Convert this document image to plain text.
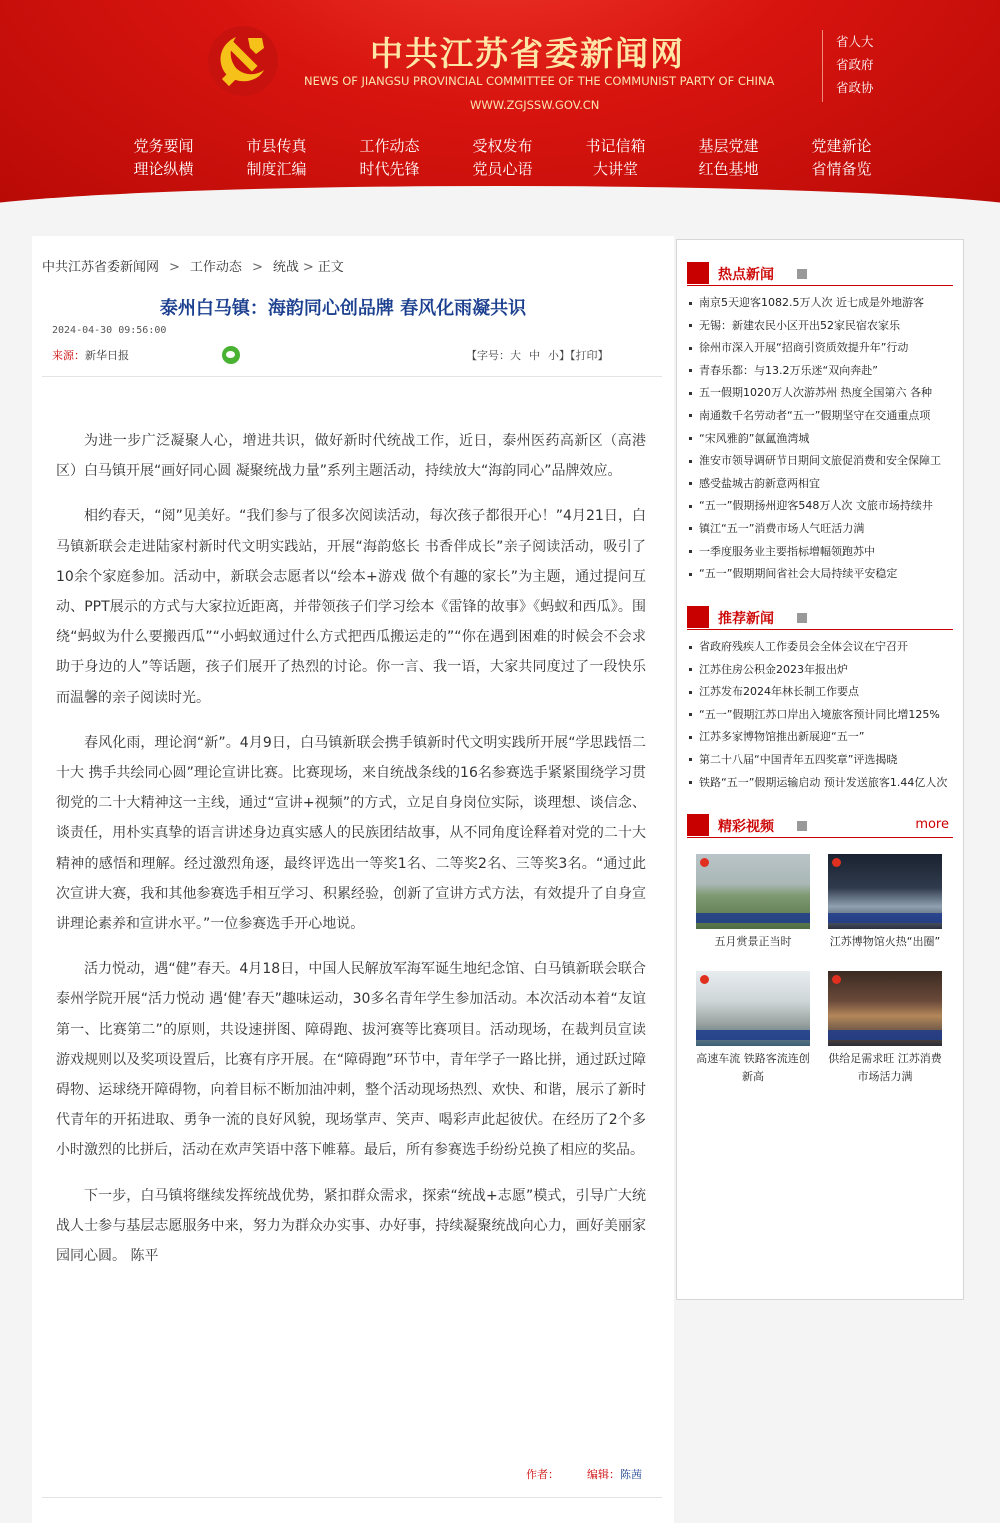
中共江苏省委新闻网
NEWS OF JIANGSU PROVINCIAL COMMITTEE OF THE COMMUNIST PARTY OF CHINA
WWW.ZGJSSW.GOV.CN
省人大
省政府
省政协
党务要闻
理论纵横
市县传真
制度汇编
工作动态
时代先锋
受权发布
党员心语
书记信箱
大讲堂
基层党建
红色基地
党建新论
省情备览
中共江苏省委新闻网 > 工作动态 > 统战 > 正文
泰州白马镇：海韵同心创品牌 春风化雨凝共识
2024-04-30 09:56:00
来源：新华日报	【字号：大 中 小】【打印】

为进一步广泛凝聚人心，增进共识，做好新时代统战工作，近日，泰州医药高新区（高港区）白马镇开展“画好同心圆 凝聚统战力量”系列主题活动，持续放大“海韵同心”品牌效应。

相约春天，“阅”见美好。“我们参与了很多次阅读活动，每次孩子都很开心！”4月21日，白马镇新联会走进陆家村新时代文明实践站，开展“海韵悠长 书香伴成长”亲子阅读活动，吸引了10余个家庭参加。活动中，新联会志愿者以“绘本+游戏 做个有趣的家长”为主题，通过提问互动、PPT展示的方式与大家拉近距离，并带领孩子们学习绘本《雷锋的故事》《蚂蚁和西瓜》。围绕“蚂蚁为什么要搬西瓜”“小蚂蚁通过什么方式把西瓜搬运走的”“你在遇到困难的时候会不会求助于身边的人”等话题，孩子们展开了热烈的讨论。你一言、我一语，大家共同度过了一段快乐而温馨的亲子阅读时光。

春风化雨，理论润“新”。4月9日，白马镇新联会携手镇新时代文明实践所开展“学思践悟二十大 携手共绘同心圆”理论宣讲比赛。比赛现场，来自统战条线的16名参赛选手紧紧围绕学习贯彻党的二十大精神这一主线，通过“宣讲+视频”的方式，立足自身岗位实际，谈理想、谈信念、谈责任，用朴实真挚的语言讲述身边真实感人的民族团结故事，从不同角度诠释着对党的二十大精神的感悟和理解。经过激烈角逐，最终评选出一等奖1名、二等奖2名、三等奖3名。“通过此次宣讲大赛，我和其他参赛选手相互学习、积累经验，创新了宣讲方式方法，有效提升了自身宣讲理论素养和宣讲水平。”一位参赛选手开心地说。

活力悦动，遇“健”春天。4月18日，中国人民解放军海军诞生地纪念馆、白马镇新联会联合泰州学院开展“活力悦动 遇‘健’春天”趣味运动，30多名青年学生参加活动。本次活动本着“友谊第一、比赛第二”的原则，共设速拼图、障碍跑、拔河赛等比赛项目。活动现场，在裁判员宣读游戏规则以及奖项设置后，比赛有序开展。在“障碍跑”环节中，青年学子一路比拼，通过跃过障碍物、运球绕开障碍物，向着目标不断加油冲刺，整个活动现场热烈、欢快、和谐，展示了新时代青年的开拓进取、勇争一流的良好风貌，现场掌声、笑声、喝彩声此起彼伏。在经历了2个多小时激烈的比拼后，活动在欢声笑语中落下帷幕。最后，所有参赛选手纷纷兑换了相应的奖品。

下一步，白马镇将继续发挥统战优势，紧扣群众需求，探索“统战+志愿”模式，引导广大统战人士参与基层志愿服务中来，努力为群众办实事、办好事，持续凝聚统战向心力，画好美丽家园同心圆。 陈平

作者：	编辑：陈茜
热点新闻
南京5天迎客1082.5万人次 近七成是外地游客
无锡：新建农民小区开出52家民宿农家乐
徐州市深入开展“招商引资质效提升年”行动
青春乐都：与13.2万乐迷“双向奔赴”
五一假期1020万人次游苏州 热度全国第六 各种
南通数千名劳动者“五一”假期坚守在交通重点项
“宋风雅韵”氤氲渔湾城
淮安市领导调研节日期间文旅促消费和安全保障工
感受盐城古韵新意两相宜
“五一”假期扬州迎客548万人次 文旅市场持续井
镇江“五一”消费市场人气旺活力满
一季度服务业主要指标增幅领跑苏中
“五一”假期期间省社会大局持续平安稳定
推荐新闻
省政府残疾人工作委员会全体会议在宁召开
江苏住房公积金2023年报出炉
江苏发布2024年林长制工作要点
“五一”假期江苏口岸出入境旅客预计同比增125%
江苏多家博物馆推出新展迎“五一”
第二十八届“中国青年五四奖章”评选揭晓
铁路“五一”假期运输启动 预计发送旅客1.44亿人次
精彩视频	more
五月赏景正当时	江苏博物馆火热“出圈”
高速车流 铁路客流连创新高
供给足需求旺 江苏消费市场活力满
